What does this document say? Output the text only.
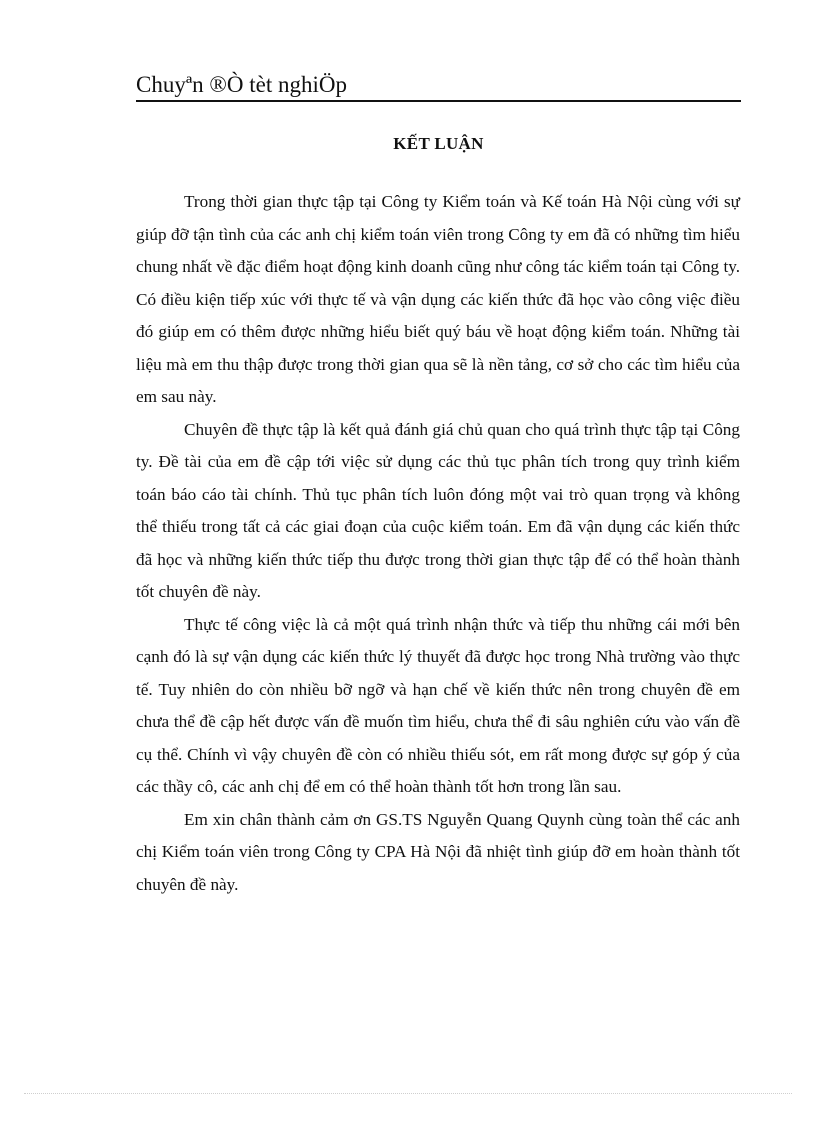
Chuyªn ®Ò tèt nghiÖp
KẾT LUẬN

Trong thời gian thực tập tại Công ty Kiểm toán và Kế toán Hà Nội cùng với sự giúp đỡ tận tình của các anh chị kiểm toán viên trong Công ty em đã có những tìm hiểu chung nhất về đặc điểm hoạt động kinh doanh cũng như công tác kiểm toán tại Công ty. Có điều kiện tiếp xúc với thực tế và vận dụng các kiến thức đã học vào công việc điều đó giúp em có thêm được những hiểu biết quý báu về hoạt động kiểm toán. Những tài liệu mà em thu thập được trong thời gian qua sẽ là nền tảng, cơ sở cho các tìm hiểu của em sau này.

Chuyên đề thực tập là kết quả đánh giá chủ quan cho quá trình thực tập tại Công ty. Đề tài của em đề cập tới việc sử dụng các thủ tục phân tích trong quy trình kiểm toán báo cáo tài chính. Thủ tục phân tích luôn đóng một vai trò quan trọng và không thể thiếu trong tất cả các giai đoạn của cuộc kiểm toán. Em đã vận dụng các kiến thức đã học và những kiến thức tiếp thu được trong thời gian thực tập để có thể hoàn thành tốt chuyên đề này.

Thực tế công việc là cả một quá trình nhận thức và tiếp thu những cái mới bên cạnh đó là sự vận dụng các kiến thức lý thuyết đã được học trong Nhà trường vào thực tế. Tuy nhiên do còn nhiều bỡ ngỡ và hạn chế về kiến thức nên trong chuyên đề em chưa thể đề cập hết được vấn đề muốn tìm hiểu, chưa thể đi sâu nghiên cứu vào vấn đề cụ thể. Chính vì vậy chuyên đề còn có nhiều thiếu sót, em rất mong được sự góp ý của các thầy cô, các anh chị để em có thể hoàn thành tốt hơn trong lần sau.

Em xin chân thành cảm ơn GS.TS Nguyễn Quang Quynh cùng toàn thể các anh chị Kiểm toán viên trong Công ty CPA Hà Nội đã nhiệt tình giúp đỡ em hoàn thành tốt chuyên đề này.
